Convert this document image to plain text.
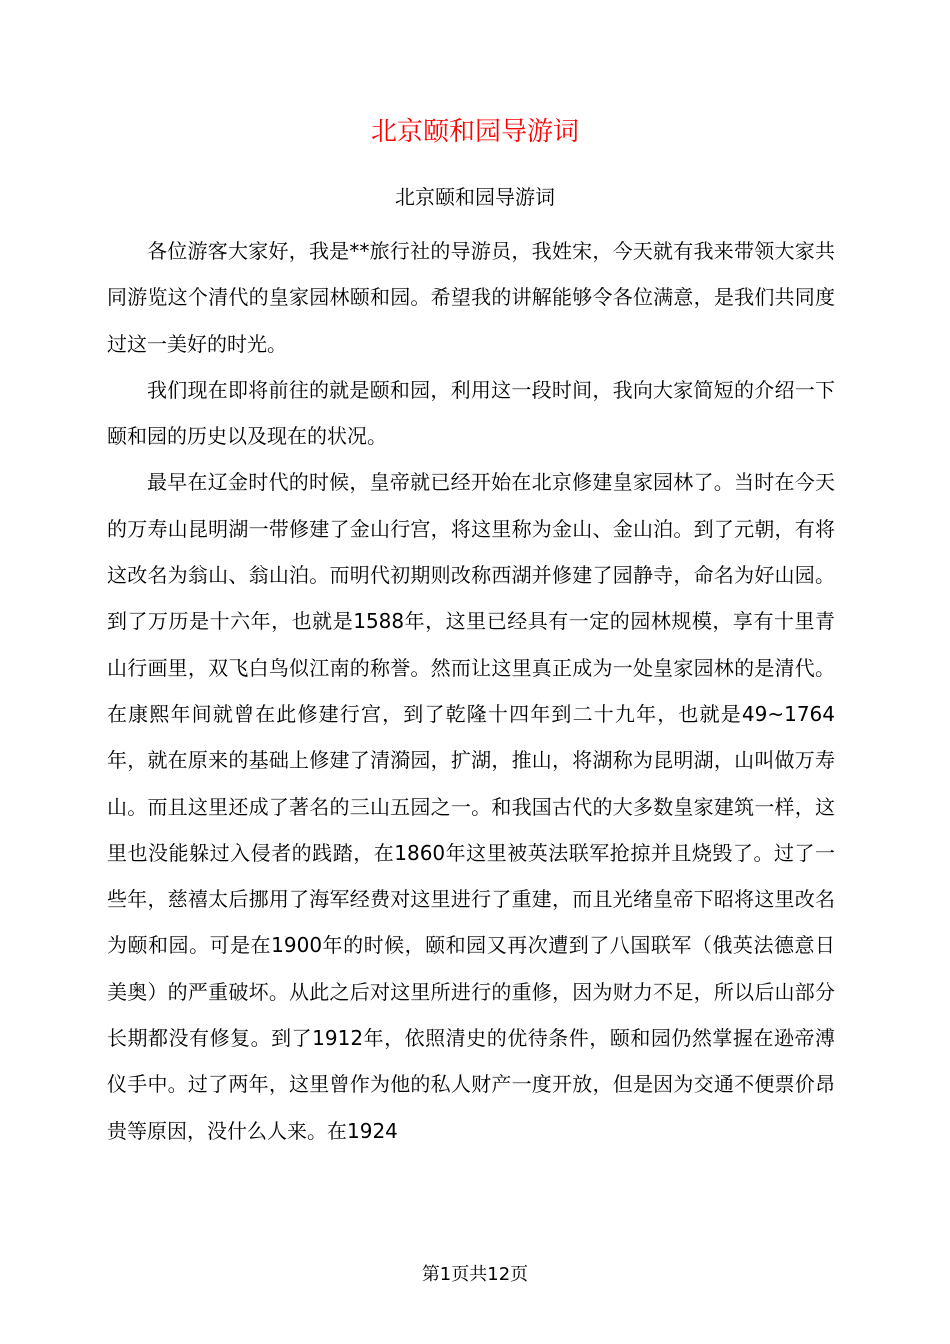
北京颐和园导游词
北京颐和园导游词

各位游客大家好，我是**旅行社的导游员，我姓宋，今天就有我来带领大家共同游览这个清代的皇家园林颐和园。希望我的讲解能够令各位满意，是我们共同度过这一美好的时光。

我们现在即将前往的就是颐和园，利用这一段时间，我向大家简短的介绍一下颐和园的历史以及现在的状况。

最早在辽金时代的时候，皇帝就已经开始在北京修建皇家园林了。当时在今天的万寿山昆明湖一带修建了金山行宫，将这里称为金山、金山泊。到了元朝，有将这改名为翁山、翁山泊。而明代初期则改称西湖并修建了园静寺，命名为好山园。到了万历是十六年，也就是1588年，这里已经具有一定的园林规模，享有十里青山行画里，双飞白鸟似江南的称誉。然而让这里真正成为一处皇家园林的是清代。在康熙年间就曾在此修建行宫，到了乾隆十四年到二十九年，也就是49~1764年，就在原来的基础上修建了清漪园，扩湖，推山，将湖称为昆明湖，山叫做万寿山。而且这里还成了著名的三山五园之一。和我国古代的大多数皇家建筑一样，这里也没能躲过入侵者的践踏，在1860年这里被英法联军抢掠并且烧毁了。过了一些年，慈禧太后挪用了海军经费对这里进行了重建，而且光绪皇帝下昭将这里改名为颐和园。可是在1900年的时候，颐和园又再次遭到了八国联军（俄英法德意日美奥）的严重破坏。从此之后对这里所进行的重修，因为财力不足，所以后山部分长期都没有修复。到了1912年，依照清史的优待条件，颐和园仍然掌握在逊帝溥仪手中。过了两年，这里曾作为他的私人财产一度开放，但是因为交通不便票价昂贵等原因，没什么人来。在1924

第1页共12页
